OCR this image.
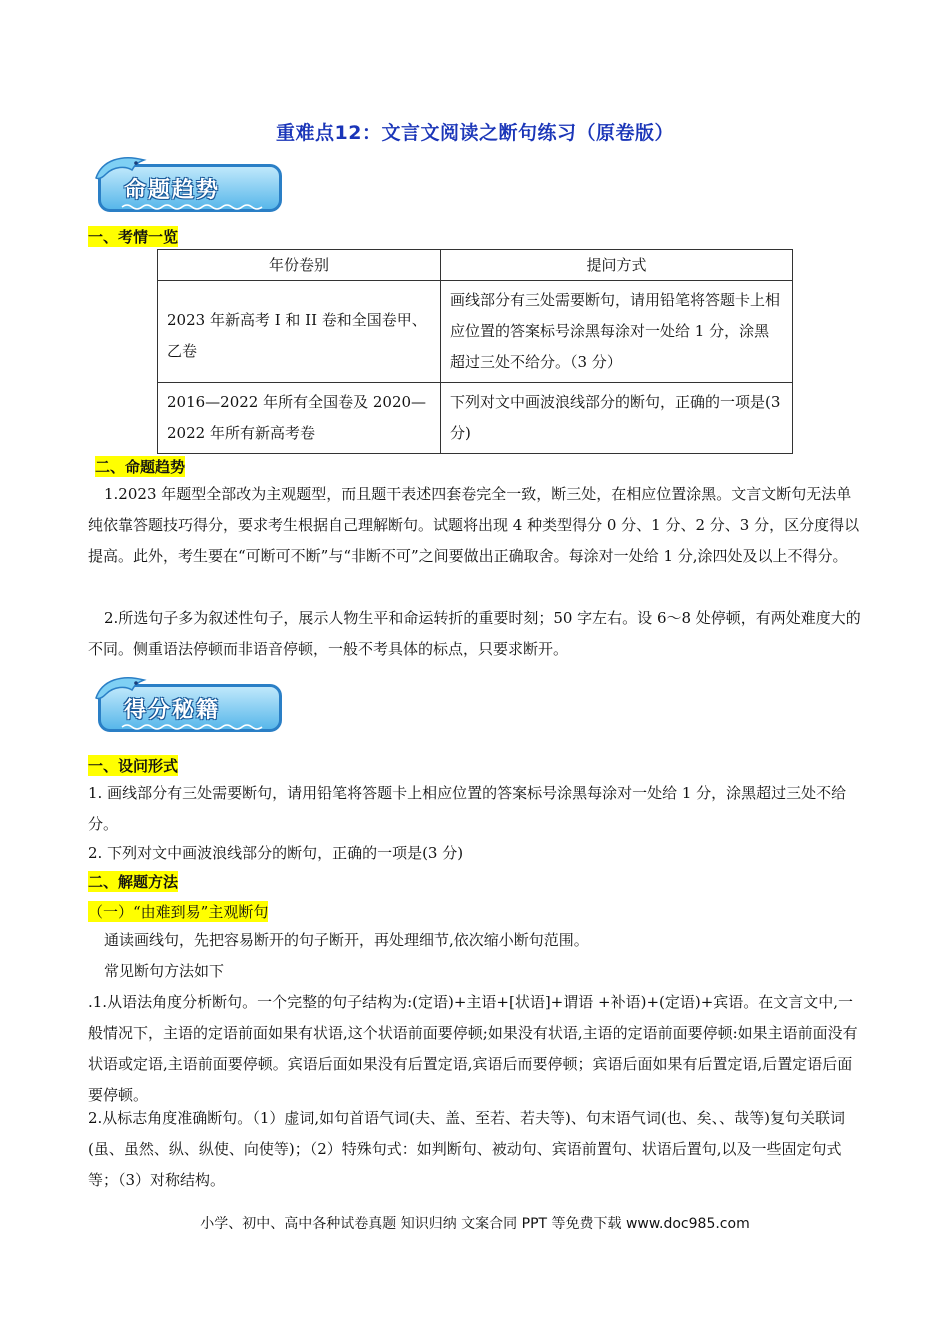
重难点12：文言文阅读之断句练习（原卷版）
命题趋势
一、考情一览
年份卷别	提问方式
2023 年新高考 I 和 II 卷和全国卷甲、乙卷	画线部分有三处需要断句，请用铅笔将答题卡上相应位置的答案标号涂黑每涂对一处给 1 分，涂黑超过三处不给分。（3 分）
2016—2022 年所有全国卷及 2020—2022 年所有新高考卷	下列对文中画波浪线部分的断句，正确的一项是(3 分)
二、命题趋势
1.2023 年题型全部改为主观题型，而且题干表述四套卷完全一致，断三处，在相应位置涂黑。文言文断句无法单纯依靠答题技巧得分，要求考生根据自己理解断句。试题将出现 4 种类型得分 0 分、1 分、2 分、3 分，区分度得以提高。此外，考生要在“可断可不断”与“非断不可”之间要做出正确取舍。每涂对一处给 1 分,涂四处及以上不得分。
2.所选句子多为叙述性句子，展示人物生平和命运转折的重要时刻；50 字左右。设 6～8 处停顿，有两处难度大的不同。侧重语法停顿而非语音停顿，一般不考具体的标点，只要求断开。
得分秘籍
一、设问形式
1. 画线部分有三处需要断句，请用铅笔将答题卡上相应位置的答案标号涂黑每涂对一处给 1 分，涂黑超过三处不给分。
2. 下列对文中画波浪线部分的断句，正确的一项是(3 分)
二、解题方法
（一）“由难到易”主观断句
通读画线句，先把容易断开的句子断开，再处理细节,依次缩小断句范围。
常见断句方法如下
.1.从语法角度分析断句。一个完整的句子结构为:(定语)+主语+[状语]+谓语 +补语)+(定语)+宾语。在文言文中,一般情况下，主语的定语前面如果有状语,这个状语前面要停顿;如果没有状语,主语的定语前面要停顿:如果主语前面没有状语或定语,主语前面要停顿。宾语后面如果没有后置定语,宾语后而要停顿；宾语后面如果有后置定语,后置定语后面要停顿。
2.从标志角度准确断句。（1）虚词,如句首语气词(夫、盖、至若、若夫等)、句末语气词(也、矣、、哉等)复句关联词(虽、虽然、纵、纵使、向使等)；（2）特殊句式：如判断句、被动句、宾语前置句、状语后置句,以及一些固定句式等；（3）对称结构。
小学、初中、高中各种试卷真题 知识归纳 文案合同 PPT 等免费下载 www.doc985.com
